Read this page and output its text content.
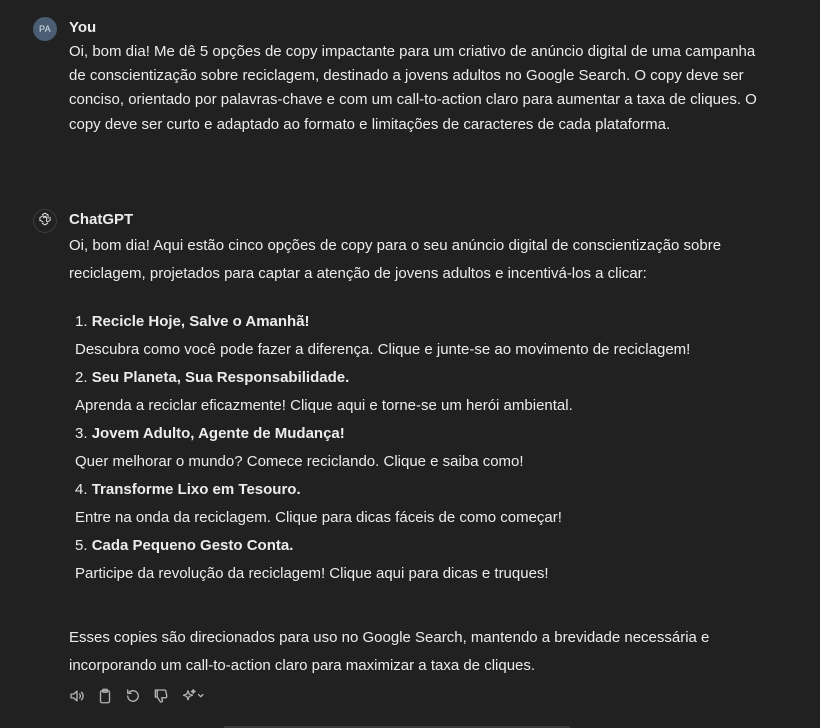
PA	You
Oi, bom dia! Me dê 5 opções de copy impactante para um criativo de anúncio digital de uma campanha de conscientização sobre reciclagem, destinado a jovens adultos no Google Search. O copy deve ser conciso, orientado por palavras-chave e com um call-to-action claro para aumentar a taxa de cliques. O copy deve ser curto e adaptado ao formato e limitações de caracteres de cada plataforma.
ChatGPT
Oi, bom dia! Aqui estão cinco opções de copy para o seu anúncio digital de conscientização sobre reciclagem, projetados para captar a atenção de jovens adultos e incentivá-los a clicar:
1. Recicle Hoje, Salve o Amanhã!
Descubra como você pode fazer a diferença. Clique e junte-se ao movimento de reciclagem!
2. Seu Planeta, Sua Responsabilidade.
Aprenda a reciclar eficazmente! Clique aqui e torne-se um herói ambiental.
3. Jovem Adulto, Agente de Mudança!
Quer melhorar o mundo? Comece reciclando. Clique e saiba como!
4. Transforme Lixo em Tesouro.
Entre na onda da reciclagem. Clique para dicas fáceis de como começar!
5. Cada Pequeno Gesto Conta.
Participe da revolução da reciclagem! Clique aqui para dicas e truques!
Esses copies são direcionados para uso no Google Search, mantendo a brevidade necessária e incorporando um call-to-action claro para maximizar a taxa de cliques.
